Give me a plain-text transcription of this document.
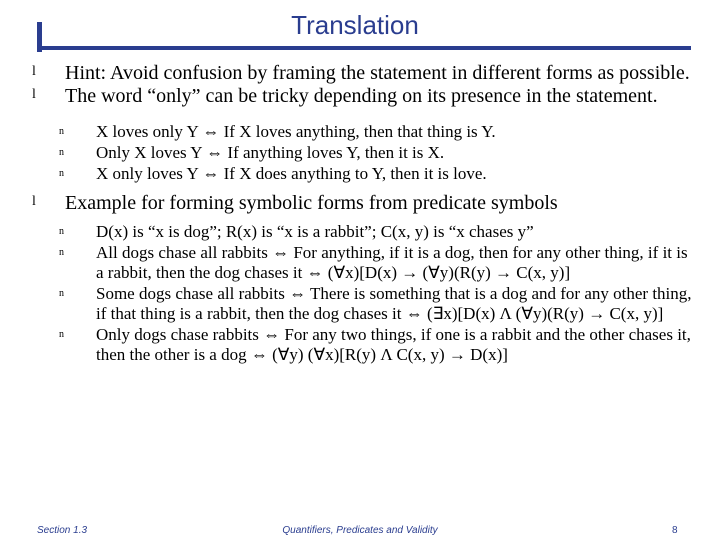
Translation
l Hint: Avoid confusion by framing the statement in different forms as possible.
l The word “only” can be tricky depending on its presence in the statement.
n X loves only Y ⇔ If X loves anything, then that thing is Y.
n Only X loves Y ⇔ If anything loves Y, then it is X.
n X only loves Y ⇔ If X does anything to Y, then it is love.
l Example for forming symbolic forms from predicate symbols
n D(x) is “x is dog”; R(x) is “x is a rabbit”; C(x, y) is “x chases y”
n All dogs chase all rabbits ⇔ For anything, if it is a dog, then for any other thing, if it is a rabbit, then the dog chases it ⇔ (∀x)[D(x) → (∀y)(R(y) → C(x, y)]
n Some dogs chase all rabbits ⇔ There is something that is a dog and for any other thing, if that thing is a rabbit, then the dog chases it ⇔ (∃x)[D(x) Λ (∀y)(R(y) → C(x, y)]
n Only dogs chase rabbits ⇔ For any two things, if one is a rabbit and the other chases it, then the other is a dog ⇔ (∀y) (∀x)[R(y) Λ C(x, y) → D(x)]
Section 1.3	Quantifiers, Predicates and Validity	8
